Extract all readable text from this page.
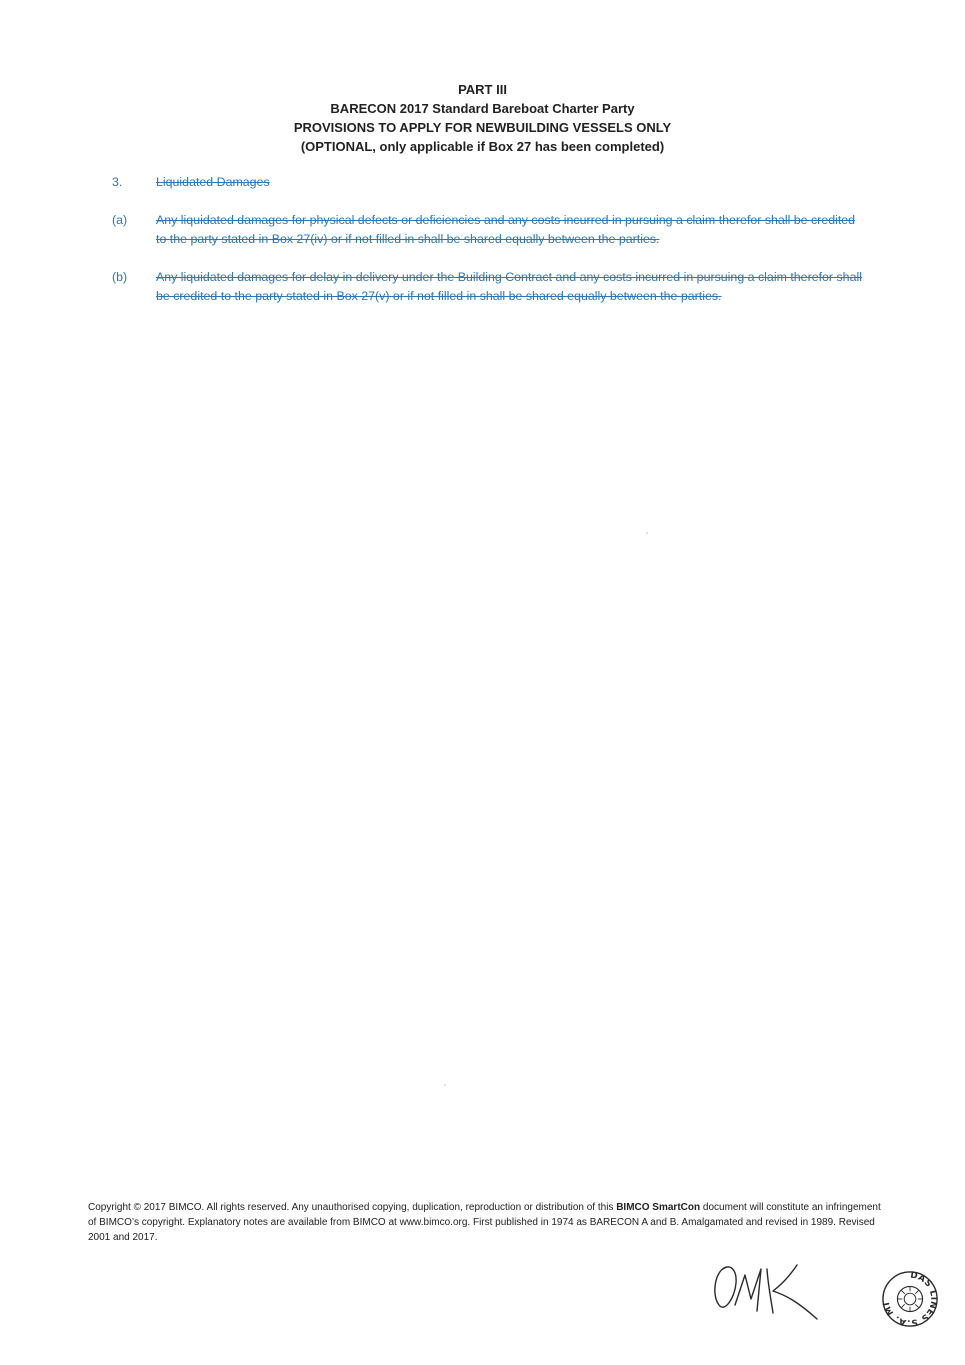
PART III
BARECON 2017 Standard Bareboat Charter Party
PROVISIONS TO APPLY FOR NEWBUILDING VESSELS ONLY
(OPTIONAL, only applicable if Box 27 has been completed)
3.	Liquidated Damages
(a)	Any liquidated damages for physical defects or deficiencies and any costs incurred in pursuing a claim therefor shall be credited to the party stated in Box 27(iv) or if not filled in shall be shared equally between the parties.
(b)	Any liquidated damages for delay in delivery under the Building Contract and any costs incurred in pursuing a claim therefor shall be credited to the party stated in Box 27(v) or if not filled in shall be shared equally between the parties.
Copyright © 2017 BIMCO. All rights reserved. Any unauthorised copying, duplication, reproduction or distribution of this BIMCO SmartCon document will constitute an infringement of BIMCO’s copyright. Explanatory notes are available from BIMCO at www.bimco.org. First published in 1974 as BARECON A and B. Amalgamated and revised in 1989. Revised 2001 and 2017.
DAS LINES S.A. MI
